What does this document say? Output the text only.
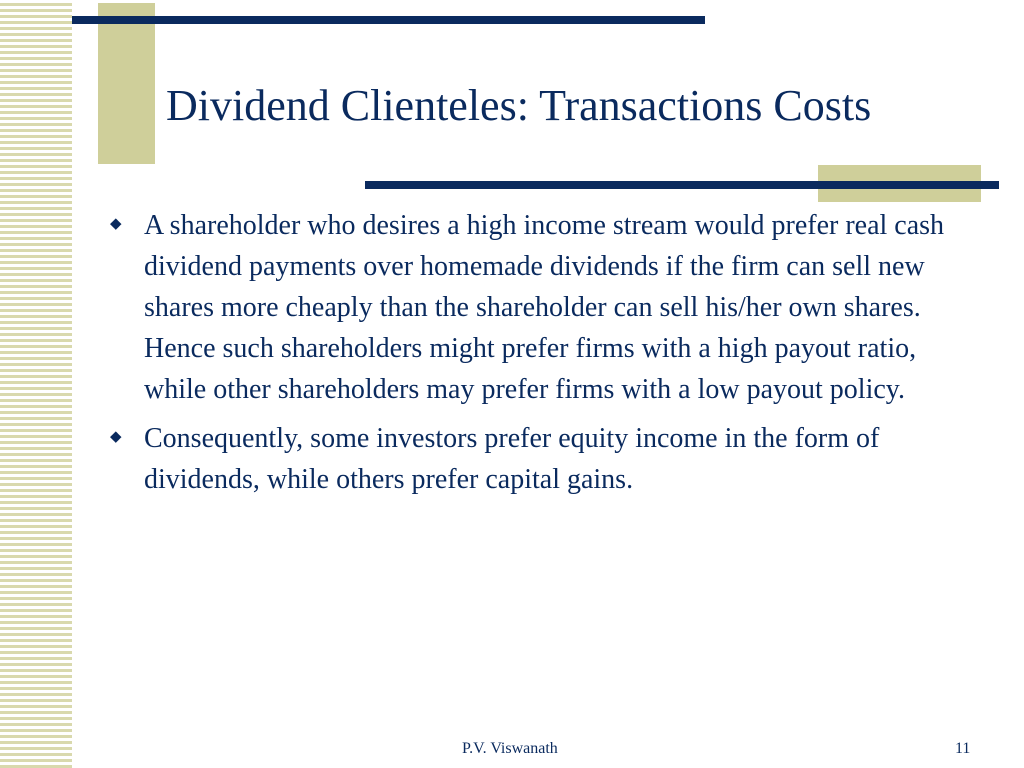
Dividend Clienteles: Transactions Costs
◆ A shareholder who desires a high income stream would prefer real cash dividend payments over homemade dividends if the firm can sell new shares more cheaply than the shareholder can sell his/her own shares. Hence such shareholders might prefer firms with a high payout ratio, while other shareholders may prefer firms with a low payout policy.
◆ Consequently, some investors prefer equity income in the form of dividends, while others prefer capital gains.
P.V. Viswanath	11
